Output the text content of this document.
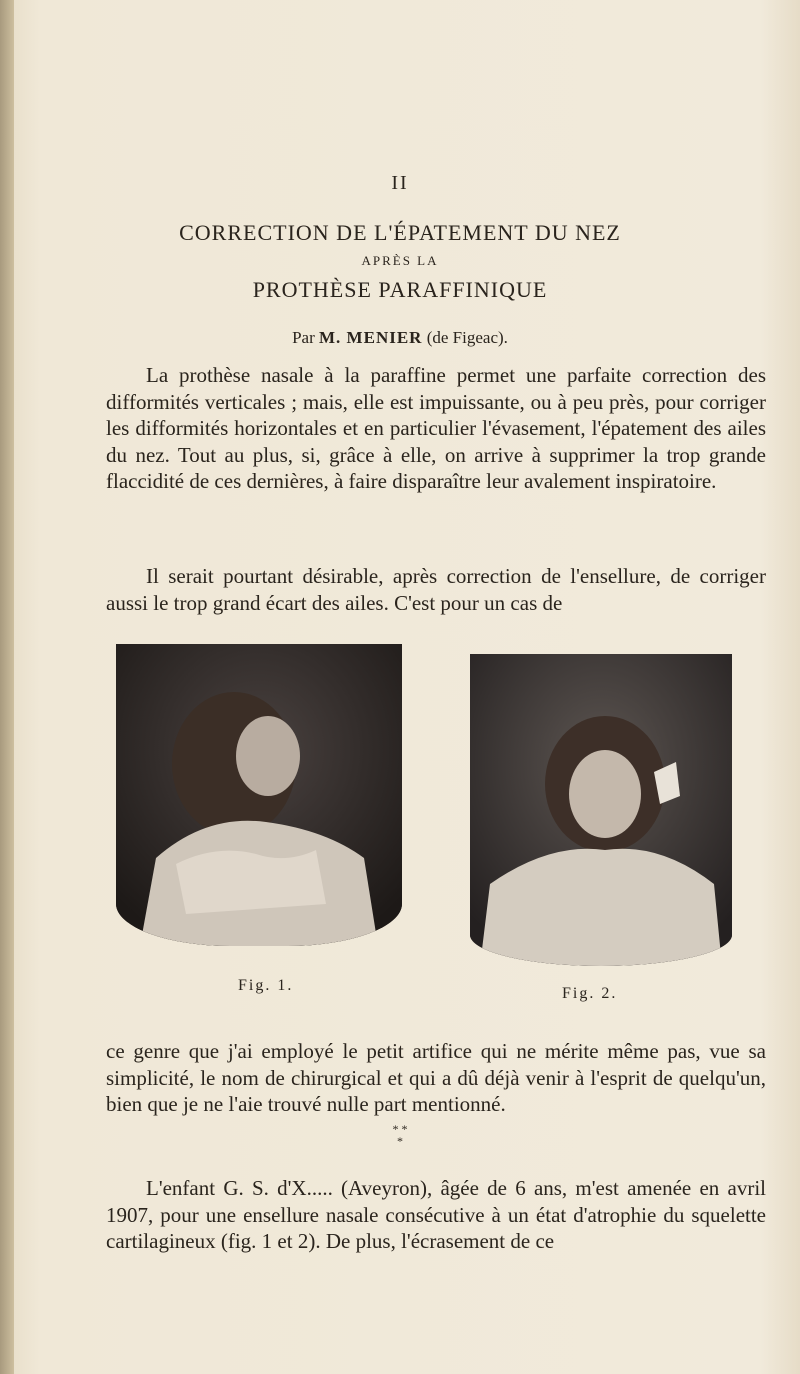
II
CORRECTION DE L'ÉPATEMENT DU NEZ
APRÈS LA
PROTHÈSE PARAFFINIQUE
Par M. MENIER (de Figeac).
La prothèse nasale à la paraffine permet une parfaite correction des difformités verticales ; mais, elle est impuissante, ou à peu près, pour corriger les difformités horizontales et en particulier l'évasement, l'épatement des ailes du nez. Tout au plus, si, grâce à elle, on arrive à supprimer la trop grande flaccidité de ces dernières, à faire disparaître leur avalement inspiratoire.
Il serait pourtant désirable, après correction de l'ensellure, de corriger aussi le trop grand écart des ailes. C'est pour un cas de
Fig. 1.	Fig. 2.
ce genre que j'ai employé le petit artifice qui ne mérite même pas, vue sa simplicité, le nom de chirurgical et qui a dû déjà venir à l'esprit de quelqu'un, bien que je ne l'aie trouvé nulle part mentionné.
* *
*
L'enfant G. S. d'X..... (Aveyron), âgée de 6 ans, m'est amenée en avril 1907, pour une ensellure nasale consécutive à un état d'atrophie du squelette cartilagineux (fig. 1 et 2). De plus, l'écrasement de ce
